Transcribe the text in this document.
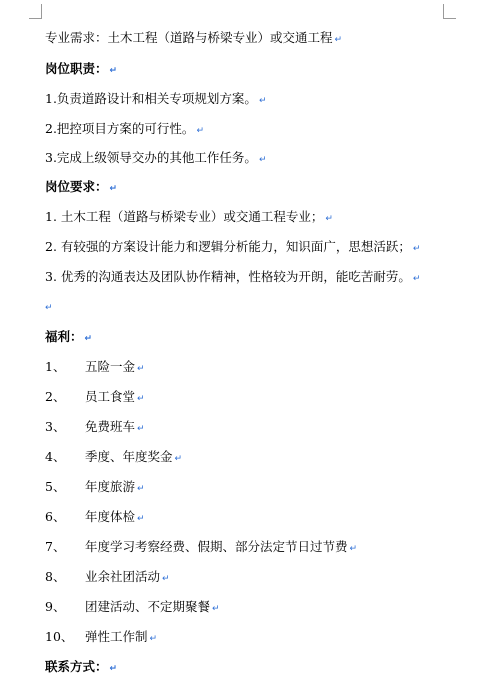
专业需求：土木工程（道路与桥梁专业）或交通工程 ↵
岗位职责： ↵
1.负责道路设计和相关专项规划方案。 ↵
2.把控项目方案的可行性。 ↵
3.完成上级领导交办的其他工作任务。 ↵
岗位要求： ↵
1. 土木工程（道路与桥梁专业）或交通工程专业； ↵
2. 有较强的方案设计能力和逻辑分析能力，知识面广，思想活跃； ↵
3. 优秀的沟通表达及团队协作精神，性格较为开朗，能吃苦耐劳。 ↵
↵
福利： ↵
1、 五险一金 ↵
2、 员工食堂 ↵
3、 免费班车 ↵
4、 季度、年度奖金 ↵
5、 年度旅游 ↵
6、 年度体检 ↵
7、 年度学习考察经费、假期、部分法定节日过节费 ↵
8、 业余社团活动 ↵
9、 团建活动、不定期聚餐 ↵
10、 弹性工作制 ↵
联系方式： ↵
